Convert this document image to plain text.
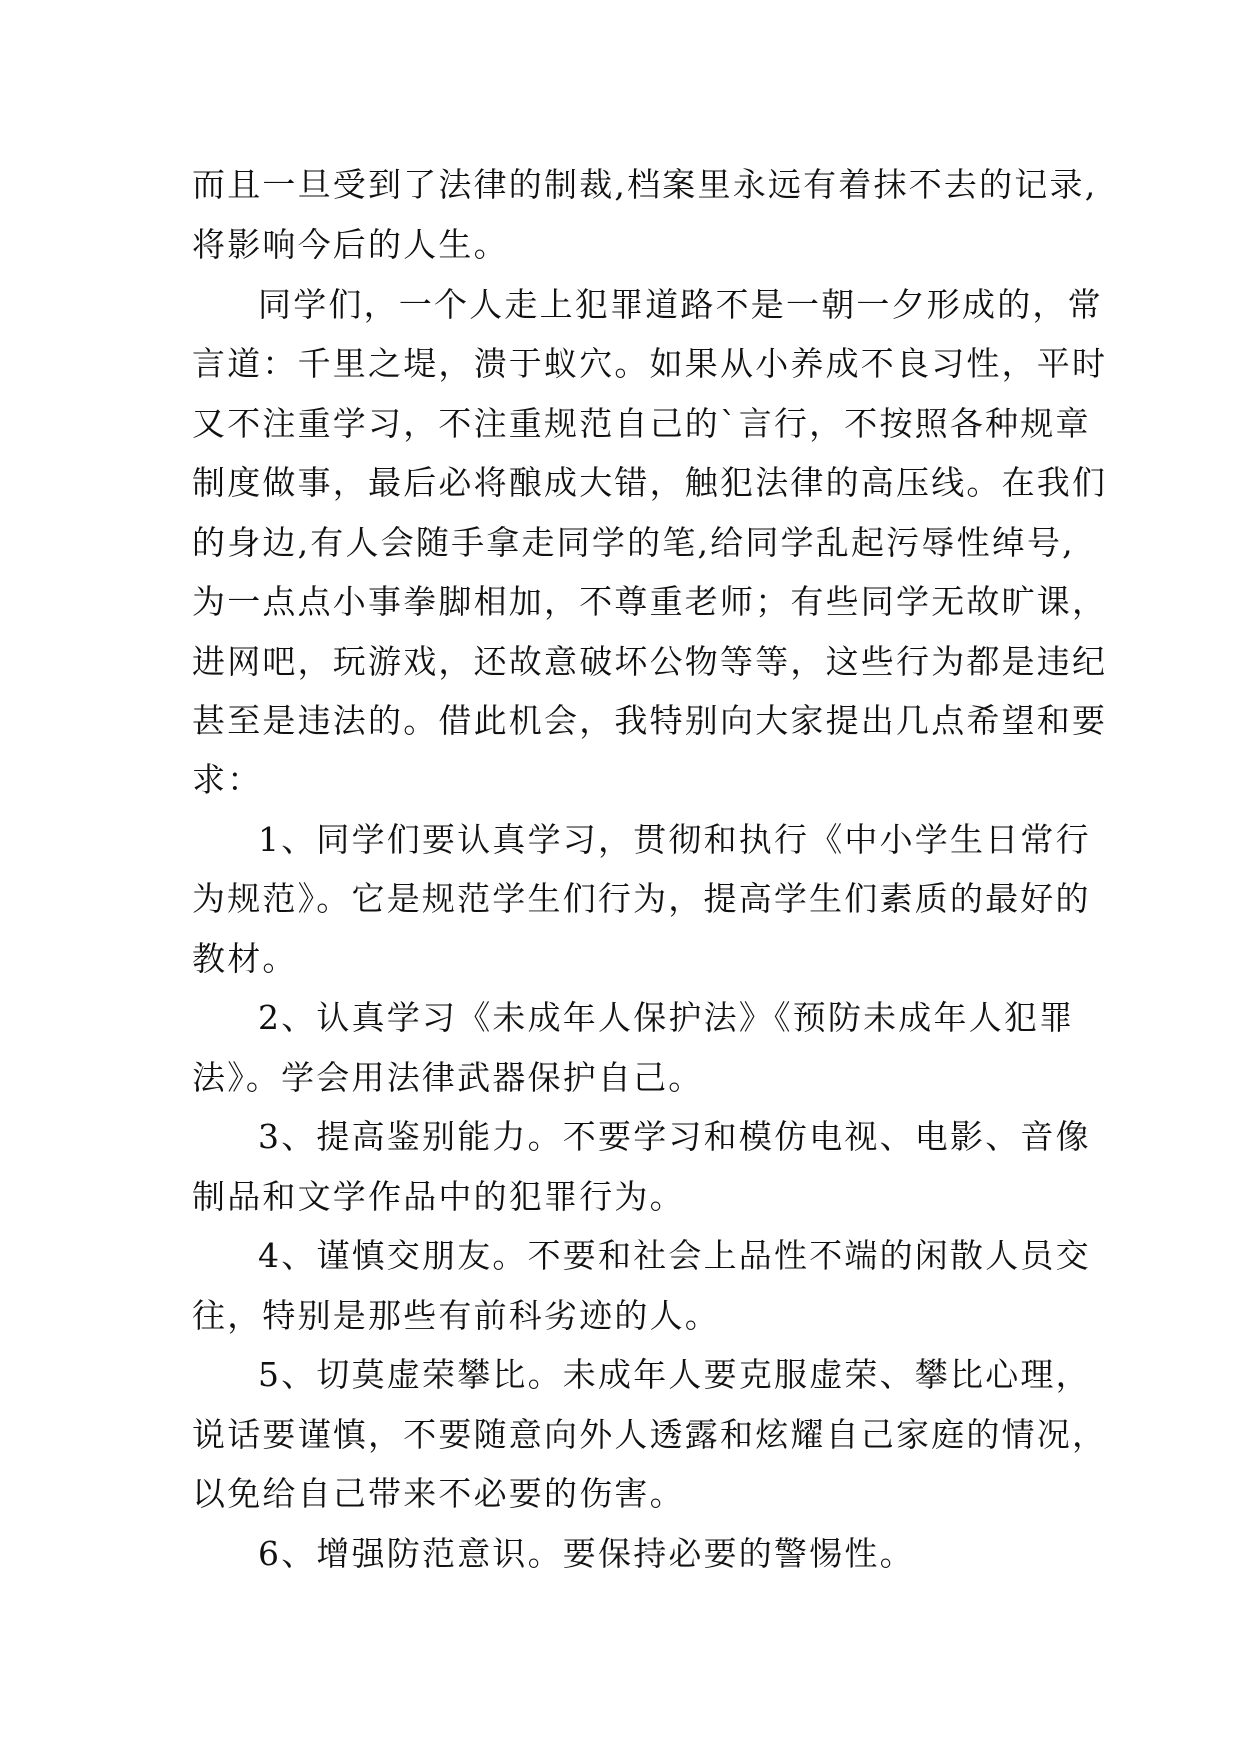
而且一旦受到了法律的制裁,档案里永远有着抹不去的记录,
将影响今后的人生。
同学们，一个人走上犯罪道路不是一朝一夕形成的，常
言道：千里之堤，溃于蚁穴。如果从小养成不良习性，平时
又不注重学习，不注重规范自己的`言行，不按照各种规章
制度做事，最后必将酿成大错，触犯法律的高压线。在我们
的身边,有人会随手拿走同学的笔,给同学乱起污辱性绰号,
为一点点小事拳脚相加，不尊重老师；有些同学无故旷课，
进网吧，玩游戏，还故意破坏公物等等，这些行为都是违纪
甚至是违法的。借此机会，我特别向大家提出几点希望和要
求：
1、同学们要认真学习，贯彻和执行《中小学生日常行
为规范》。它是规范学生们行为，提高学生们素质的最好的
教材。
2、认真学习《未成年人保护法》《预防未成年人犯罪
法》。学会用法律武器保护自己。
3、提高鉴别能力。不要学习和模仿电视、电影、音像
制品和文学作品中的犯罪行为。
4、谨慎交朋友。不要和社会上品性不端的闲散人员交
往，特别是那些有前科劣迹的人。
5、切莫虚荣攀比。未成年人要克服虚荣、攀比心理，
说话要谨慎，不要随意向外人透露和炫耀自己家庭的情况，
以免给自己带来不必要的伤害。
6、增强防范意识。要保持必要的警惕性。
